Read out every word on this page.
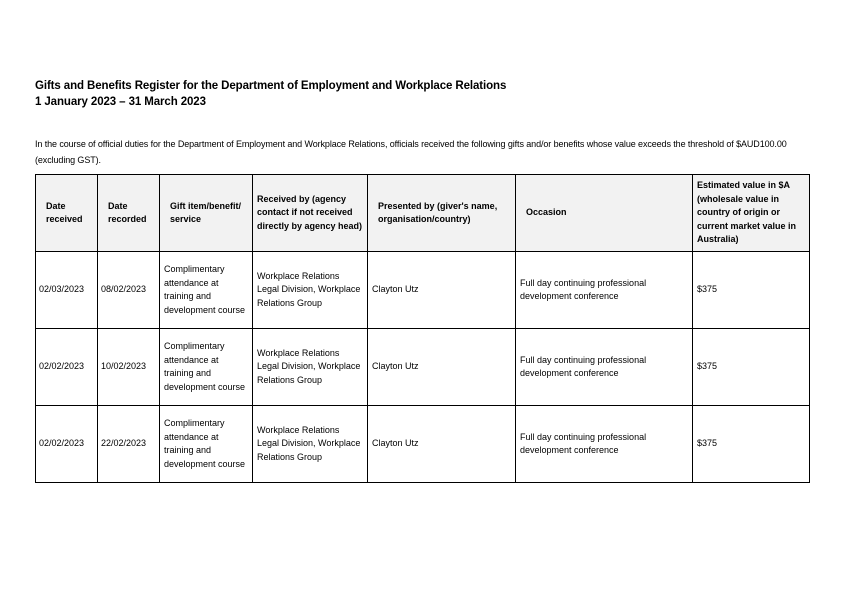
Gifts and Benefits Register for the Department of Employment and Workplace Relations
1 January 2023 – 31 March 2023
In the course of official duties for the Department of Employment and Workplace Relations, officials received the following gifts and/or benefits whose value exceeds the threshold of $AUD100.00 (excluding GST).
Date received	Date recorded	Gift item/benefit/ service	Received by (agency contact if not received directly by agency head)	Presented by (giver's name, organisation/country)	Occasion	Estimated value in $A (wholesale value in country of origin or current market value in Australia)
02/03/2023	08/02/2023	Complimentary attendance at training and development course	Workplace Relations Legal Division, Workplace Relations Group	Clayton Utz	Full day continuing professional development conference	$375
02/02/2023	10/02/2023	Complimentary attendance at training and development course	Workplace Relations Legal Division, Workplace Relations Group	Clayton Utz	Full day continuing professional development conference	$375
02/02/2023	22/02/2023	Complimentary attendance at training and development course	Workplace Relations Legal Division, Workplace Relations Group	Clayton Utz	Full day continuing professional development conference	$375
